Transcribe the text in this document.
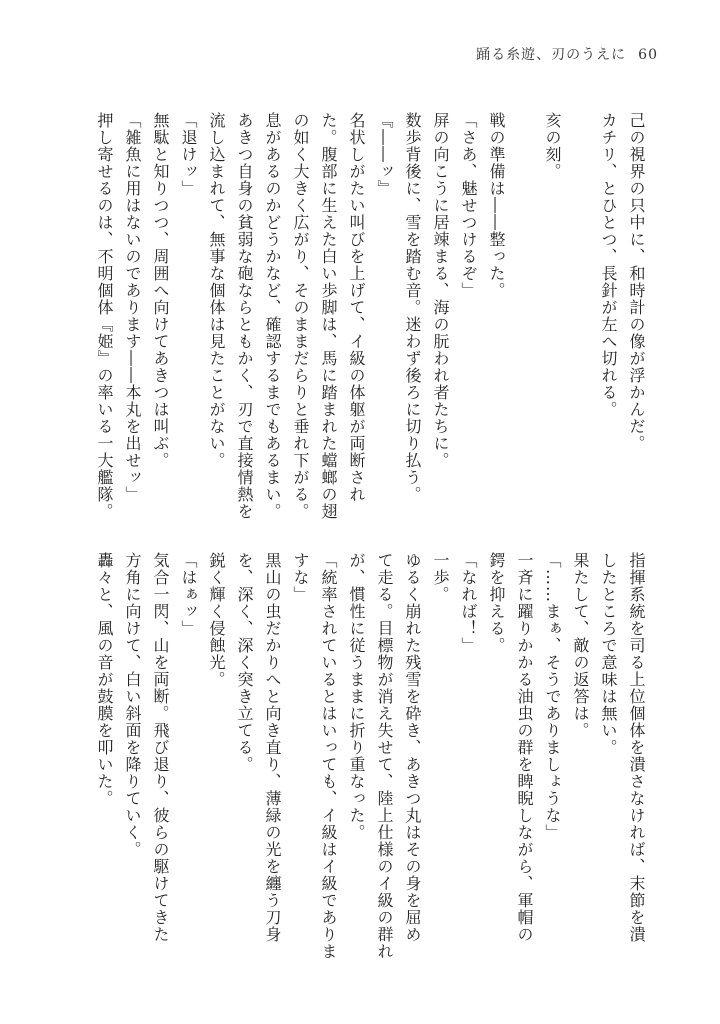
踊る糸遊、刃のうえに 60
己の視界の只中に、和時計の像が浮かんだ。
カチリ、とひとつ、長針が左へ切れる。
亥の刻。
戦の準備は――整った。
「さあ、魅せつけるぞ」
屏の向こうに居竦まる、海の朊われ者たちに。
数歩背後に、雪を踏む音。迷わず後ろに切り払う。
『――ッ』
名状しがたい叫びを上げて、イ級の体躯が両断され
た。腹部に生えた白い歩脚は、馬に踏まれた蟷螂の翅
の如く大きく広がり、そのままだらりと垂れ下がる。
息があるのかどうかなど、確認するまでもあるまい。
あきつ自身の貧弱な砲ならともかく、刃で直接情熱を
流し込まれて、無事な個体は見たことがない。
「退けッ」
無駄と知りつつ、周囲へ向けてあきつは叫ぶ。
「雑魚に用はないのであります――本丸を出せッ」
押し寄せるのは、不明個体『姫』の率いる一大艦隊。
指揮系統を司る上位個体を潰さなければ、末節を潰
したところで意味は無い。
果たして、敵の返答は。
「……まぁ、そうでありましょうな」
一斉に躍りかかる油虫の群を睥睨しながら、軍帽の
鍔を抑える。
「なれば！」
一歩。
ゆるく崩れた残雪を砕き、あきつ丸はその身を屈め
て走る。目標物が消え失せて、陸上仕様のイ級の群れ
が、慣性に従うままに折り重なった。
「統率されているとはいっても、イ級はイ級でありま
すな」
黒山の虫だかりへと向き直り、薄緑の光を纏う刀身
を、深く、深く突き立てる。
鋭く輝く侵蝕光。
「はぁッ」
気合一閃、山を両断。飛び退り、彼らの駆けてきた
方角に向けて、白い斜面を降りていく。
轟々と、風の音が鼓膜を叩いた。
